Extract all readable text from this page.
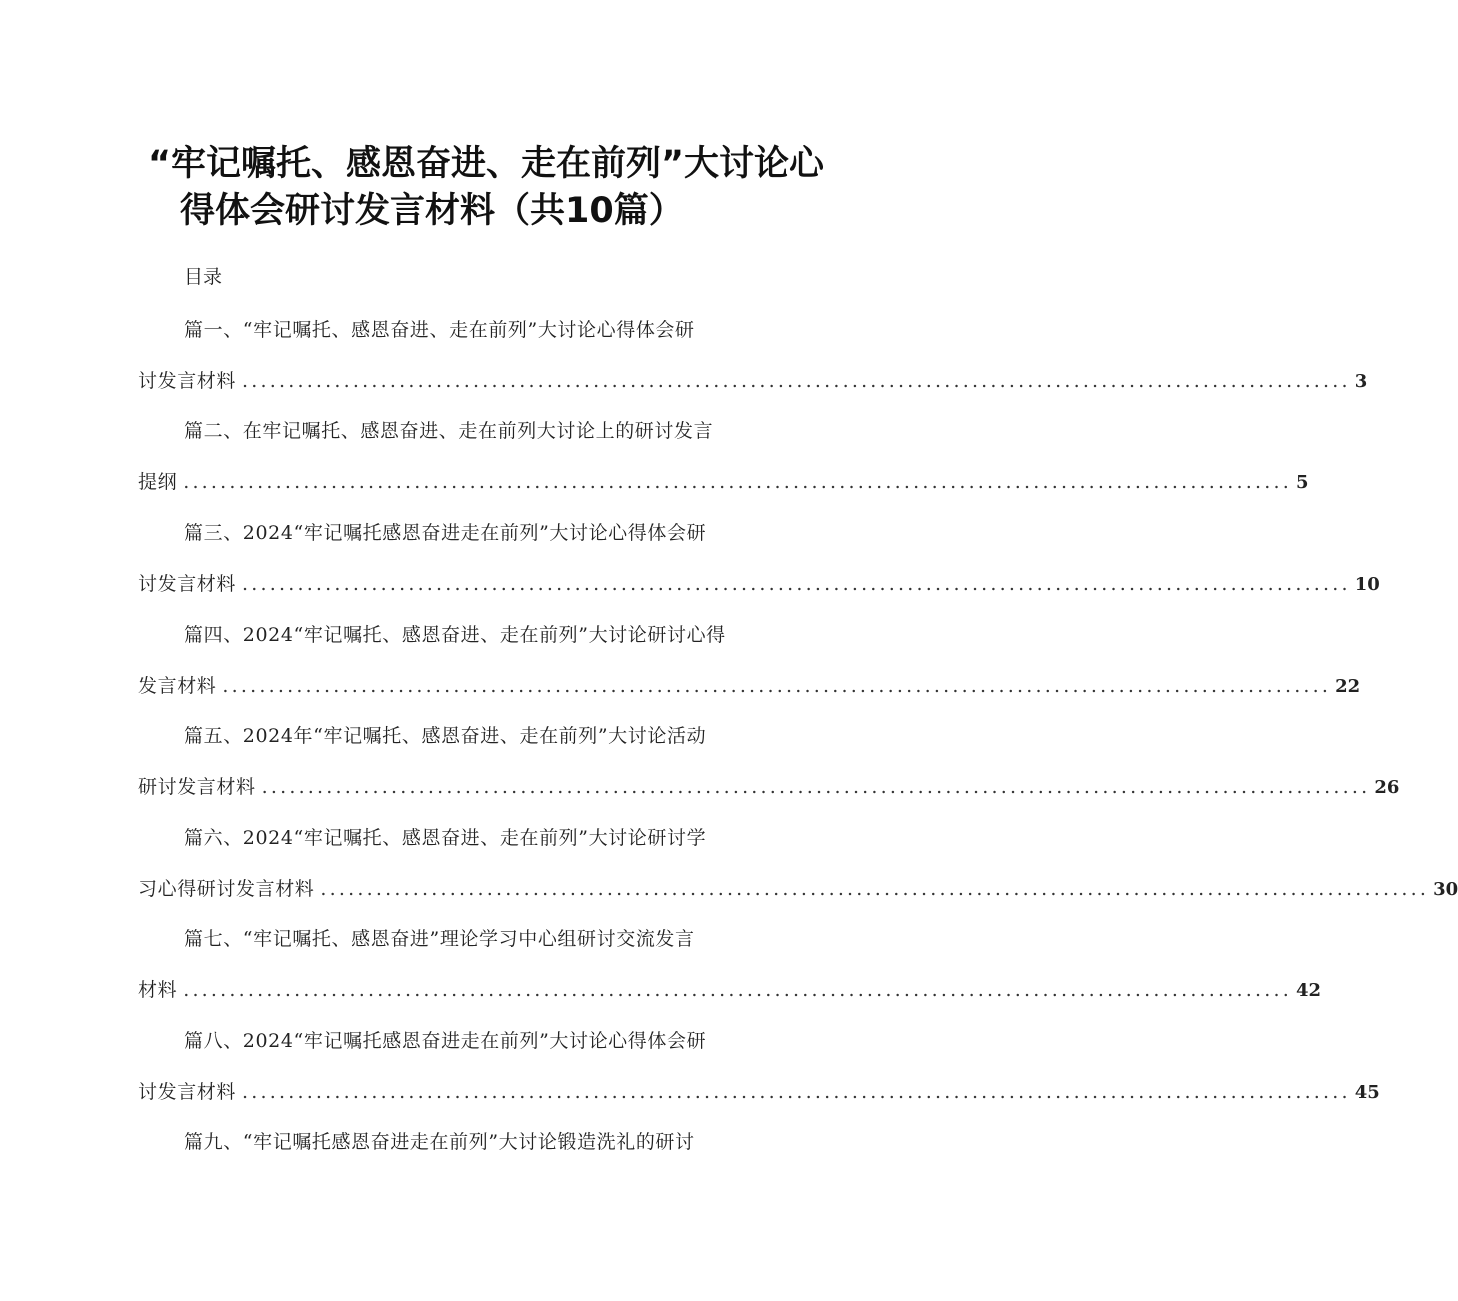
“牢记嘱托、感恩奋进、走在前列”大讨论心
得体会研讨发言材料（共10篇）
目录
篇一、“牢记嘱托、感恩奋进、走在前列”大讨论心得体会研
讨发言材料 ........................................................................................................................ 3
篇二、在牢记嘱托、感恩奋进、走在前列大讨论上的研讨发言
提纲 ........................................................................................................................ 5
篇三、2024“牢记嘱托感恩奋进走在前列”大讨论心得体会研
讨发言材料 ........................................................................................................................ 10
篇四、2024“牢记嘱托、感恩奋进、走在前列”大讨论研讨心得
发言材料 ........................................................................................................................ 22
篇五、2024年“牢记嘱托、感恩奋进、走在前列”大讨论活动
研讨发言材料 ........................................................................................................................ 26
篇六、2024“牢记嘱托、感恩奋进、走在前列”大讨论研讨学
习心得研讨发言材料 ........................................................................................................................ 30
篇七、“牢记嘱托、感恩奋进”理论学习中心组研讨交流发言
材料 ........................................................................................................................ 42
篇八、2024“牢记嘱托感恩奋进走在前列”大讨论心得体会研
讨发言材料 ........................................................................................................................ 45
篇九、“牢记嘱托感恩奋进走在前列”大讨论锻造洗礼的研讨
